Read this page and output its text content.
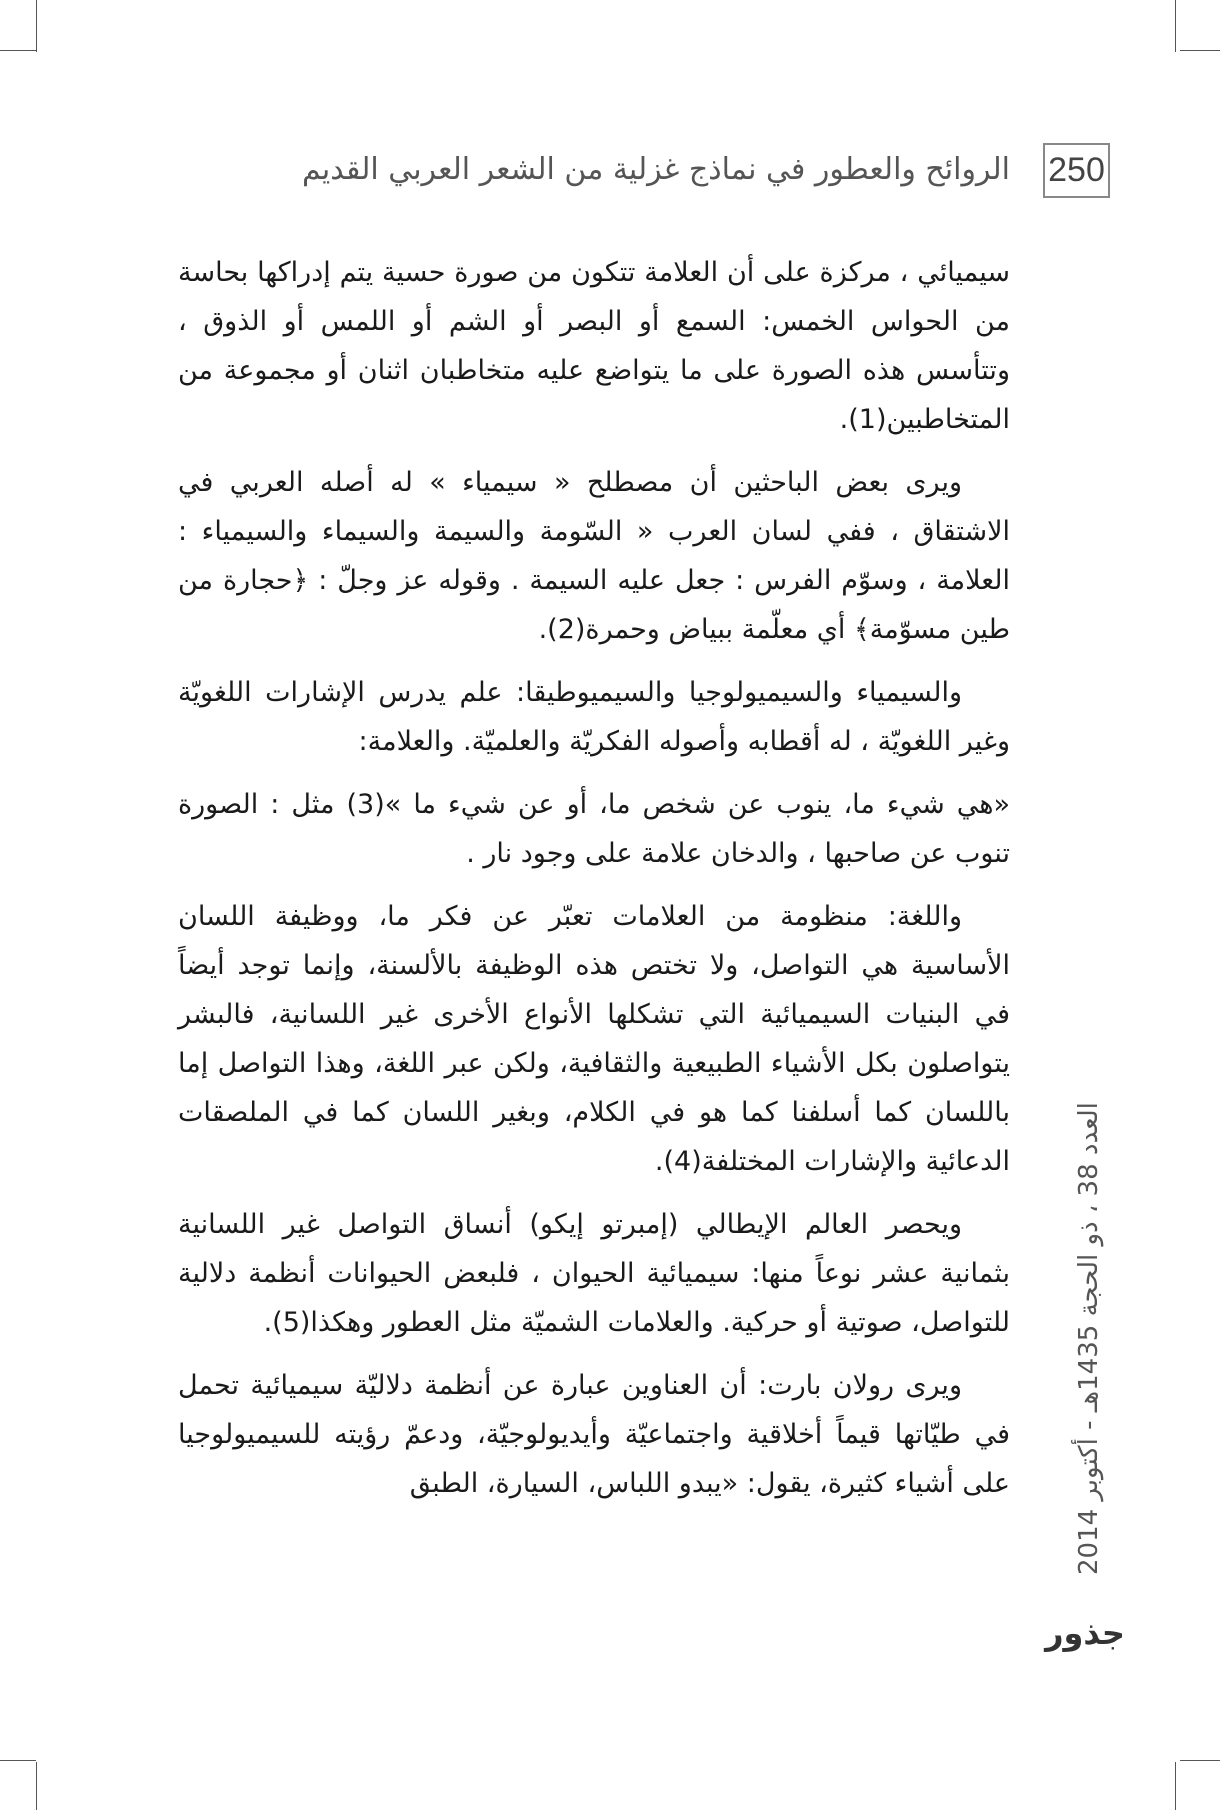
250
الروائح والعطور في نماذج غزلية من الشعر العربي القديم

سيميائي ، مركزة على أن العلامة تتكون من صورة حسية يتم إدراكها بحاسة من الحواس الخمس: السمع أو البصر أو الشم أو اللمس أو الذوق ، وتتأسس هذه الصورة على ما يتواضع عليه متخاطبان اثنان أو مجموعة من المتخاطبين(1).

ويرى بعض الباحثين أن مصطلح « سيمياء » له أصله العربي في الاشتقاق ، ففي لسان العرب « السّومة والسيمة والسيماء والسيمياء : العلامة ، وسوّم الفرس : جعل عليه السيمة . وقوله عز وجلّ : ﴿حجارة من طين مسوّمة﴾ أي معلّمة ببياض وحمرة(2).

والسيمياء والسيميولوجيا والسيميوطيقا: علم يدرس الإشارات اللغويّة وغير اللغويّة ، له أقطابه وأصوله الفكريّة والعلميّة. والعلامة:

«هي شيء ما، ينوب عن شخص ما، أو عن شيء ما »(3) مثل : الصورة تنوب عن صاحبها ، والدخان علامة على وجود نار .

واللغة: منظومة من العلامات تعبّر عن فكر ما، ووظيفة اللسان الأساسية هي التواصل، ولا تختص هذه الوظيفة بالألسنة، وإنما توجد أيضاً في البنيات السيميائية التي تشكلها الأنواع الأخرى غير اللسانية، فالبشر يتواصلون بكل الأشياء الطبيعية والثقافية، ولكن عبر اللغة، وهذا التواصل إما باللسان كما أسلفنا كما هو في الكلام، وبغير اللسان كما في الملصقات الدعائية والإشارات المختلفة(4).

ويحصر العالم الإيطالي (إمبرتو إيكو) أنساق التواصل غير اللسانية بثمانية عشر نوعاً منها: سيميائية الحيوان ، فلبعض الحيوانات أنظمة دلالية للتواصل، صوتية أو حركية. والعلامات الشميّة مثل العطور وهكذا(5).

ويرى رولان بارت: أن العناوين عبارة عن أنظمة دلاليّة سيميائية تحمل في طيّاتها قيماً أخلاقية واجتماعيّة وأيديولوجيّة، ودعمّ رؤيته للسيميولوجيا على أشياء كثيرة، يقول: «يبدو اللباس، السيارة، الطبق

العدد 38 ، ذو الحجة 1435هـ - أكتوبر 2014
جذور
